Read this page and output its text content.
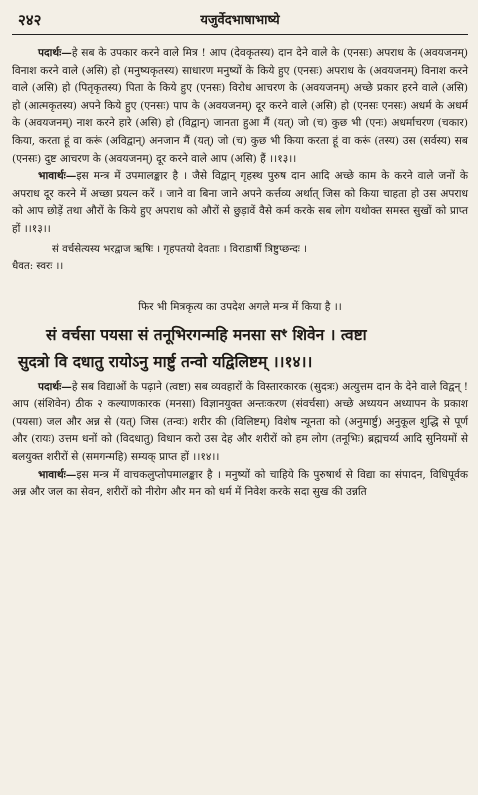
२४२	यजुर्वेदभाषाभाष्ये

पदार्थः—हे सब के उपकार करने वाले मित्र ! आप (देवकृतस्य) दान देने वाले के (एनसः) अपराध के (अवयजनम्) विनाश करने वाले (असि) हो (मनुष्यकृतस्य) साधारण मनुष्यों के किये हुए (एनसः) अपराध के (अवयजनम्) विनाश करने वाले (असि) हो (पितृकृतस्य) पिता के किये हुए (एनसः) विरोध आचरण के (अवयजनम्) अच्छे प्रकार हरने वाले (असि) हो (आत्मकृतस्य) अपने किये हुए (एनसः) पाप के (अवयजनम्) दूर करने वाले (असि) हो (एनसः एनसः) अधर्म के अधर्म के (अवयजनम्) नाश करने हारे (असि) हो (विद्वान्) जानता हुआ मैं (यत्) जो (च) कुछ भी (एनः) अधर्माचरण (चकार) किया, करता हूं वा करूं (अविद्वान्) अनजान मैं (यत्) जो (च) कुछ भी किया करता हूं वा करूं (तस्य) उस (सर्वस्य) सब (एनसः) दुष्ट आचरण के (अवयजनम्) दूर करने वाले आप (असि) हैं ।।१३।।

भावार्थः—इस मन्त्र में उपमालङ्कार है । जैसे विद्वान् गृहस्थ पुरुष दान आदि अच्छे काम के करने वाले जनों के अपराध दूर करने में अच्छा प्रयत्न करें । जाने वा बिना जाने अपने कर्त्तव्य अर्थात् जिस को किया चाहता हो उस अपराध को आप छोड़ें तथा औरों के किये हुए अपराध को औरों से छुड़ावें वैसे कर्म करके सब लोग यथोक्त समस्त सुखों को प्राप्त हों ।।१३।।

सं वर्चसेत्यस्य भरद्वाज ऋषिः । गृहपतयो देवताः । विराडार्षी त्रिष्टुप्छन्दः ।

धैवत: स्वरः ।।

फिर भी मित्रकृत्य का उपदेश अगले मन्त्र में किया है ।।

सं वर्चसा पयसा सं तनूभिरगन्महि मनसा सꣳ शिवेन । त्वष्टा

सुदत्रो वि दधातु रायोऽनु मार्ष्टु तन्वो यद्विलिष्टम् ।।१४।।

पदार्थः—हे सब विद्याओं के पढ़ाने (त्वष्टा) सब व्यवहारों के विस्तारकारक (सुदत्रः) अत्युत्तम दान के देने वाले विद्वन् ! आप (संशिवेन) ठीक २ कल्याणकारक (मनसा) विज्ञानयुक्त अन्तःकरण (संवर्चसा) अच्छे अध्ययन अध्यापन के प्रकाश (पयसा) जल और अन्न से (यत्) जिस (तन्वः) शरीर की (विलिष्टम्) विशेष न्यूनता को (अनुमार्ष्टु) अनुकूल शुद्धि से पूर्ण और (रायः) उत्तम धनों को (विदधातु) विधान करो उस देह और शरीरों को हम लोग (तनूभिः) ब्रह्मचर्य्य आदि सुनियमों से बलयुक्त शरीरों से (समगन्महि) सम्यक् प्राप्त हों ।।१४।।

भावार्थः—इस मन्त्र में वाचकलुप्तोपमालङ्कार है । मनुष्यों को चाहिये कि पुरुषार्थ से विद्या का संपादन, विधिपूर्वक अन्न और जल का सेवन, शरीरों को नीरोग और मन को धर्म में निवेश करके सदा सुख की उन्नति
